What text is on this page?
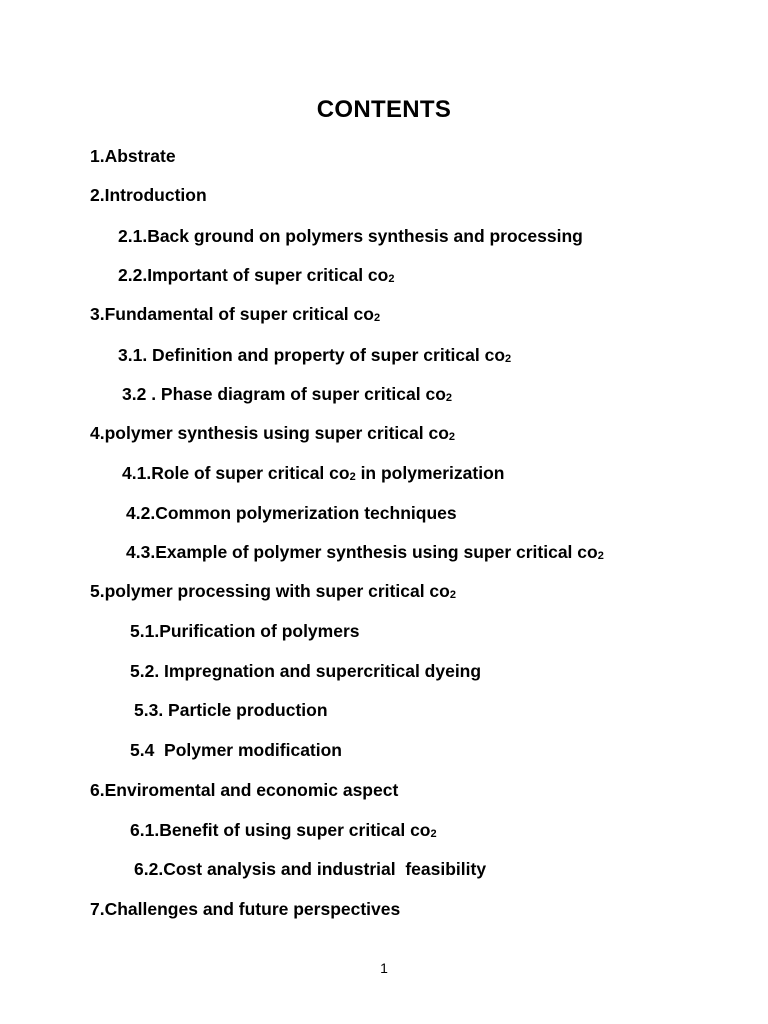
CONTENTS
1.Abstrate
2.Introduction
2.1.Back ground on polymers synthesis and processing
2.2.Important of super critical $co_2$
3.Fundamental of super critical $co_2$
3.1. Definition and property of super critical $co_2$
3.2 . Phase diagram of super critical $co_2$
4.polymer synthesis using super critical $co_2$
4.1.Role of super critical $co_2$ in polymerization
4.2.Common polymerization techniques
4.3.Example of polymer synthesis using super critical $co_2$
5.polymer processing with super critical $co_2$
5.1.Purification of polymers
5.2. Impregnation and supercritical dyeing
5.3. Particle production
5.4  Polymer modification
6.Enviromental and economic aspect
6.1.Benefit of using super critical $co_2$
6.2.Cost analysis and industrial  feasibility
7.Challenges and future perspectives
1
